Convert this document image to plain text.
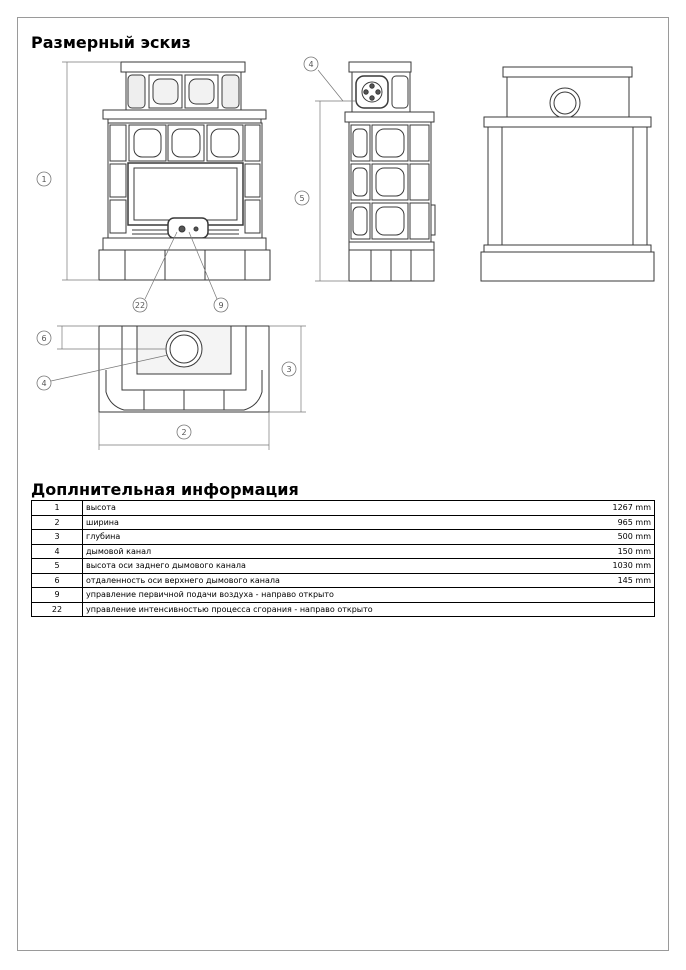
Размерный эскиз
1
4
5
22	9
6
4
3
2
Доплнительная информация
1	высота	1267 mm
2	ширина	965 mm
3	глубина	500 mm
4	дымовой канал	150 mm
5	высота оси заднего дымового канала	1030 mm
6	отдаленность оси верхнего дымового канала	145 mm
9	управление первичной подачи воздуха - направо открыто	
22	управление интенсивностью процесса сгорания - направо открыто	
